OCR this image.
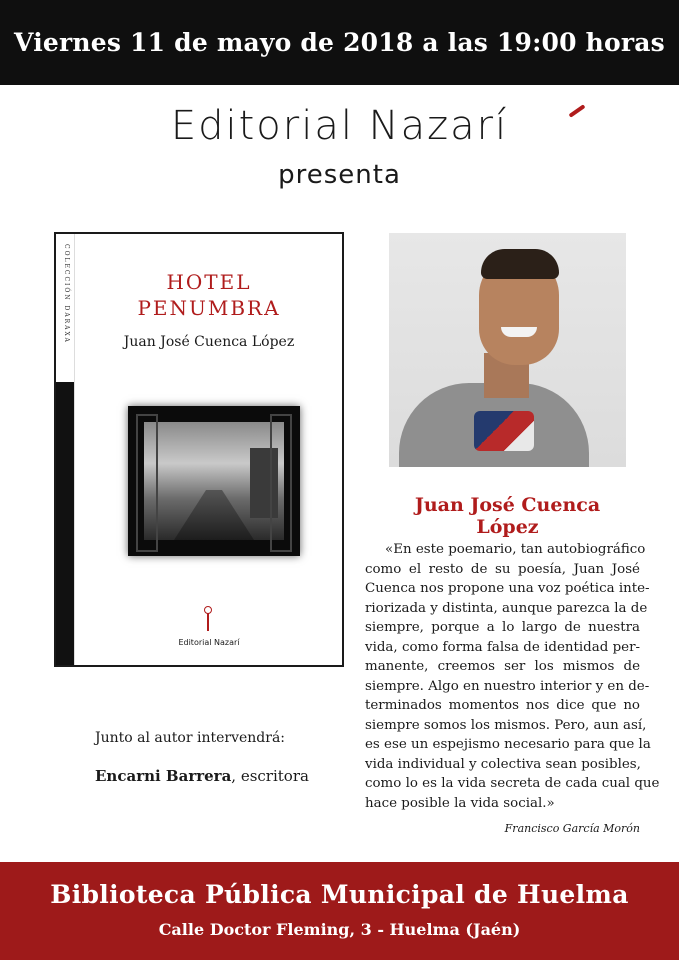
Viernes 11 de mayo de 2018 a las 19:00 horas
Editorial Nazarí
presenta
COLECCIÓN DARAXA	HOTEL
PENUMBRA
Juan José Cuenca López
Editorial Nazarí
Juan José Cuenca López
«En este poemario, tan autobiográfico
como el resto de su poesía, Juan José
Cuenca nos propone una voz poética inte-
riorizada y distinta, aunque parezca la de
siempre, porque a lo largo de nuestra
vida, como forma falsa de identidad per-
manente, creemos ser los mismos de
siempre. Algo en nuestro interior y en de-
terminados momentos nos dice que no
siempre somos los mismos. Pero, aun así,
es ese un espejismo necesario para que la
vida individual y colectiva sean posibles,
como lo es la vida secreta de cada cual que
hace posible la vida social.»
Francisco García Morón
Junto al autor intervendrá:
Encarni Barrera, escritora
Biblioteca Pública Municipal de Huelma
Calle Doctor Fleming, 3 - Huelma (Jaén)
